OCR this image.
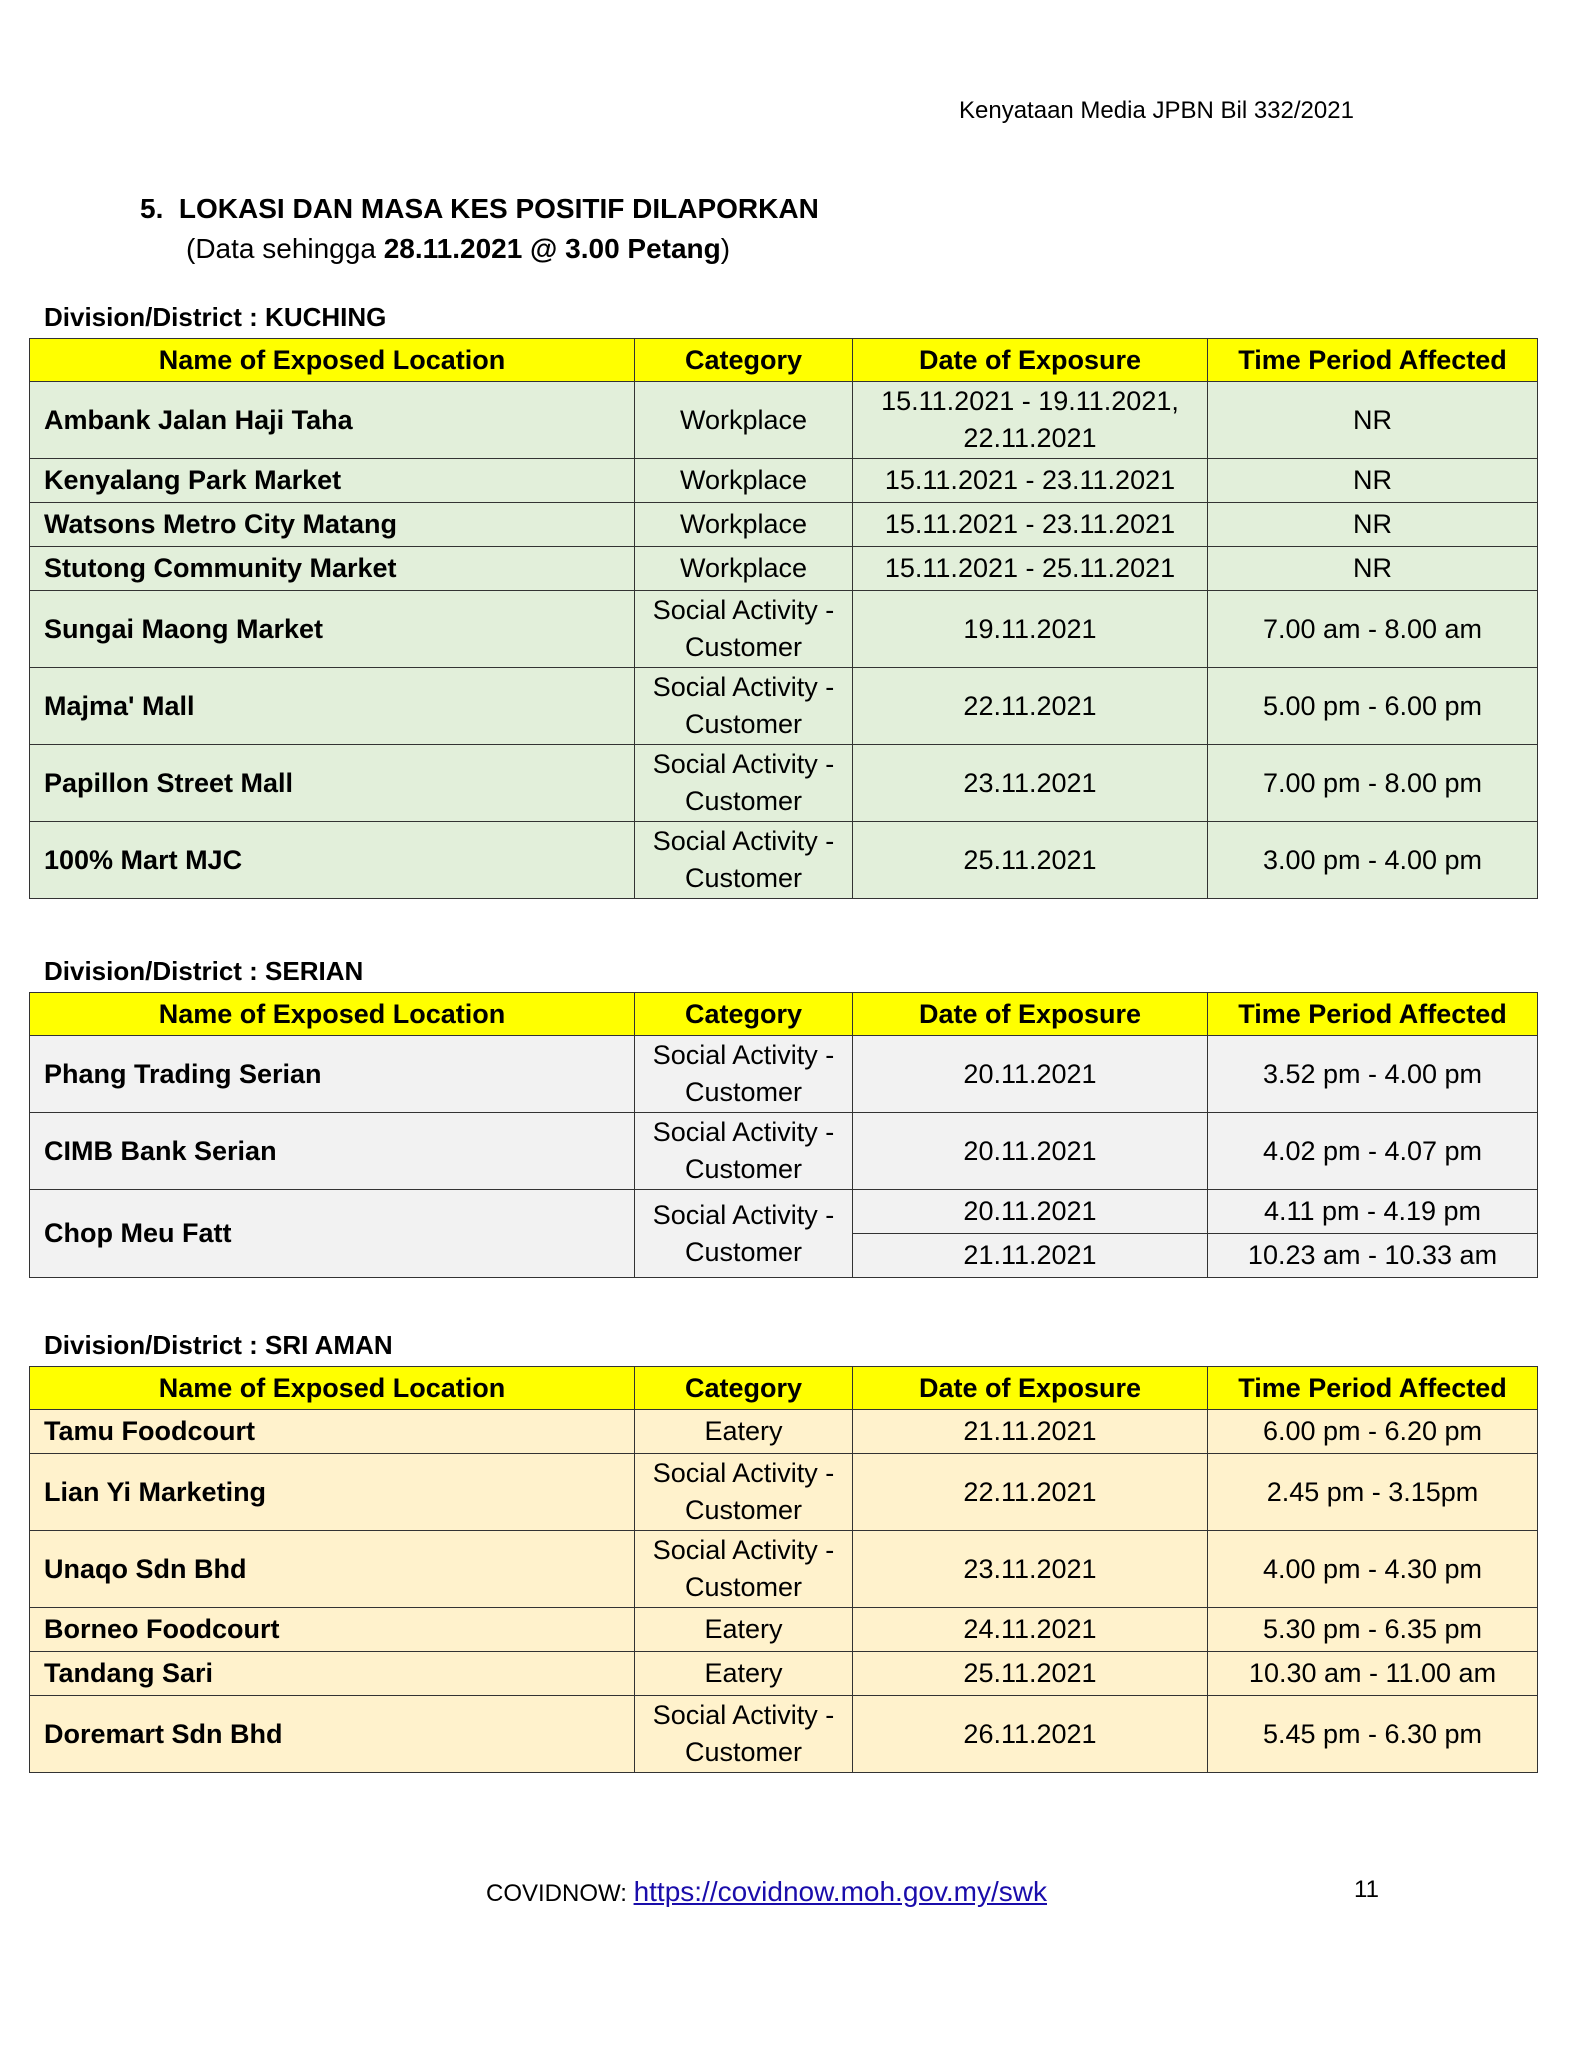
Kenyataan Media JPBN Bil 332/2021
5. LOKASI DAN MASA KES POSITIF DILAPORKAN
(Data sehingga 28.11.2021 @ 3.00 Petang)
Division/District : KUCHING
Name of Exposed Location	Category	Date of Exposure	Time Period Affected
Ambank Jalan Haji Taha	Workplace	15.11.2021 - 19.11.2021, 22.11.2021	NR
Kenyalang Park Market	Workplace	15.11.2021 - 23.11.2021	NR
Watsons Metro City Matang	Workplace	15.11.2021 - 23.11.2021	NR
Stutong Community Market	Workplace	15.11.2021 - 25.11.2021	NR
Sungai Maong Market	Social Activity - Customer	19.11.2021	7.00 am - 8.00 am
Majma' Mall	Social Activity - Customer	22.11.2021	5.00 pm - 6.00 pm
Papillon Street Mall	Social Activity - Customer	23.11.2021	7.00 pm - 8.00 pm
100% Mart MJC	Social Activity - Customer	25.11.2021	3.00 pm - 4.00 pm
Division/District : SERIAN
Name of Exposed Location	Category	Date of Exposure	Time Period Affected
Phang Trading Serian	Social Activity - Customer	20.11.2021	3.52 pm - 4.00 pm
CIMB Bank Serian	Social Activity - Customer	20.11.2021	4.02 pm - 4.07 pm
Chop Meu Fatt	Social Activity - Customer	20.11.2021	4.11 pm - 4.19 pm
		21.11.2021	10.23 am - 10.33 am
Division/District : SRI AMAN
Name of Exposed Location	Category	Date of Exposure	Time Period Affected
Tamu Foodcourt	Eatery	21.11.2021	6.00 pm - 6.20 pm
Lian Yi Marketing	Social Activity - Customer	22.11.2021	2.45 pm - 3.15pm
Unaqo Sdn Bhd	Social Activity - Customer	23.11.2021	4.00 pm - 4.30 pm
Borneo Foodcourt	Eatery	24.11.2021	5.30 pm - 6.35 pm
Tandang Sari	Eatery	25.11.2021	10.30 am - 11.00 am
Doremart Sdn Bhd	Social Activity - Customer	26.11.2021	5.45 pm - 6.30 pm
COVIDNOW: https://covidnow.moh.gov.my/swk	11
